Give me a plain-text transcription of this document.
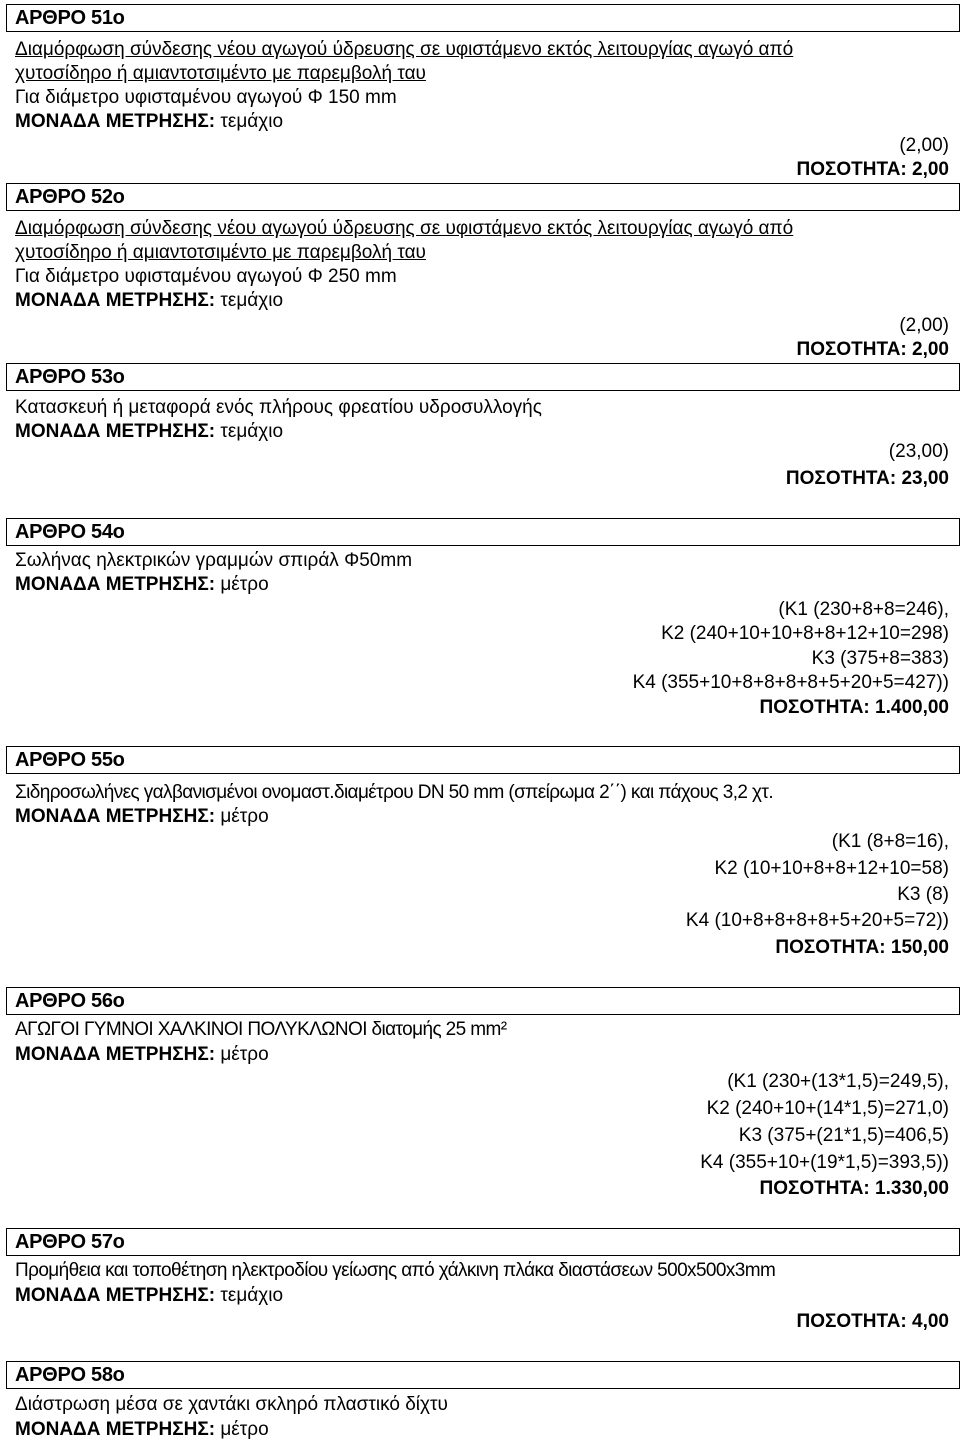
ΑΡΘΡΟ 51ο
Διαμόρφωση σύνδεσης νέου αγωγού ύδρευσης σε υφιστάμενο εκτός λειτουργίας αγωγό από
χυτοσίδηρο ή αμιαντοτσιμέντο με παρεμβολή ταυ
Για διάμετρο υφισταμένου αγωγού Φ 150 mm
ΜΟΝΑΔΑ ΜΕΤΡΗΣΗΣ: τεμάχιο
(2,00)
ΠΟΣΟΤΗΤΑ: 2,00
ΑΡΘΡΟ 52ο
Διαμόρφωση σύνδεσης νέου αγωγού ύδρευσης σε υφιστάμενο εκτός λειτουργίας αγωγό από
χυτοσίδηρο ή αμιαντοτσιμέντο με παρεμβολή ταυ
Για διάμετρο υφισταμένου αγωγού Φ 250 mm
ΜΟΝΑΔΑ ΜΕΤΡΗΣΗΣ: τεμάχιο
(2,00)
ΠΟΣΟΤΗΤΑ: 2,00
ΑΡΘΡΟ 53ο
Κατασκευή ή μεταφορά ενός πλήρους φρεατίου υδροσυλλογής
ΜΟΝΑΔΑ ΜΕΤΡΗΣΗΣ: τεμάχιο
(23,00)
ΠΟΣΟΤΗΤΑ: 23,00
ΑΡΘΡΟ 54ο
Σωλήνας ηλεκτρικών γραμμών σπιράλ Φ50mm
ΜΟΝΑΔΑ ΜΕΤΡΗΣΗΣ: μέτρο
(Κ1 (230+8+8=246),
Κ2 (240+10+10+8+8+12+10=298)
Κ3 (375+8=383)
Κ4 (355+10+8+8+8+8+5+20+5=427))
ΠΟΣΟΤΗΤΑ: 1.400,00
ΑΡΘΡΟ 55ο
Σιδηροσωλήνες γαλβανισμένοι ονομαστ.διαμέτρου DN 50 mm (σπείρωμα 2΄΄) και πάχους 3,2 χτ.
ΜΟΝΑΔΑ ΜΕΤΡΗΣΗΣ: μέτρο
(Κ1 (8+8=16),
Κ2 (10+10+8+8+12+10=58)
Κ3 (8)
Κ4 (10+8+8+8+8+5+20+5=72))
ΠΟΣΟΤΗΤΑ: 150,00
ΑΡΘΡΟ 56ο
ΑΓΩΓΟΙ ΓΥΜΝΟΙ ΧΑΛΚΙΝΟΙ ΠΟΛΥΚΛΩΝΟΙ διατομής 25 mm²
ΜΟΝΑΔΑ ΜΕΤΡΗΣΗΣ: μέτρο
(Κ1 (230+(13*1,5)=249,5),
Κ2 (240+10+(14*1,5)=271,0)
Κ3 (375+(21*1,5)=406,5)
Κ4 (355+10+(19*1,5)=393,5))
ΠΟΣΟΤΗΤΑ: 1.330,00
ΑΡΘΡΟ 57ο
Προμήθεια και τοποθέτηση ηλεκτροδίου γείωσης από χάλκινη πλάκα διαστάσεων 500x500x3mm
ΜΟΝΑΔΑ ΜΕΤΡΗΣΗΣ: τεμάχιο
ΠΟΣΟΤΗΤΑ: 4,00
ΑΡΘΡΟ 58ο
Διάστρωση μέσα σε χαντάκι σκληρό πλαστικό δίχτυ
ΜΟΝΑΔΑ ΜΕΤΡΗΣΗΣ: μέτρο
